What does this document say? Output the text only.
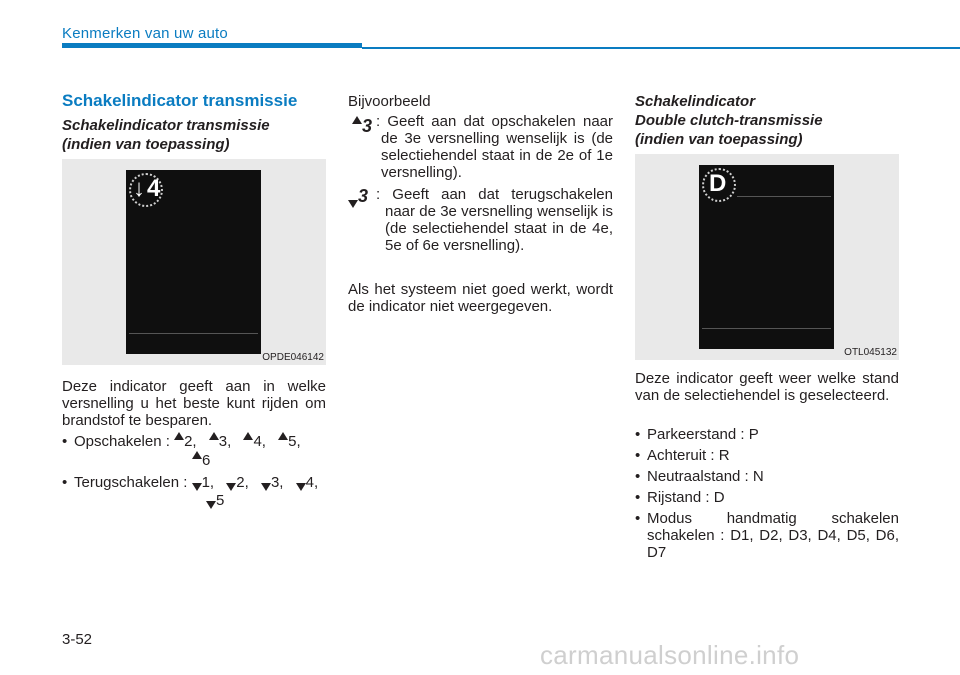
Kenmerken van uw auto
Schakelindicator transmissie
Schakelindicator transmissie
(indien van toepassing)
↓ 4
OPDE046142
Deze indicator geeft aan in welke versnelling u het beste kunt rijden om brandstof te besparen.
• Opschakelen : 2, 3, 4, 5,
6
• Terugschakelen : 1, 2, 3, 4,
5
Bijvoorbeeld
3 : Geeft aan dat opschakelen naar de 3e versnelling wenselijk is (de selectiehendel staat in de 2e of 1e versnelling).
3 : Geeft aan dat terugschakelen naar de 3e versnelling wenselijk is (de selectiehendel staat in de 4e, 5e of 6e versnelling).
Als het systeem niet goed werkt, wordt de indicator niet weergegeven.
Schakelindicator
Double clutch-transmissie
(indien van toepassing)
D
OTL045132
Deze indicator geeft weer welke stand van de selectiehendel is geselecteerd.
• Parkeerstand : P
• Achteruit : R
• Neutraalstand : N
• Rijstand : D
• Modus handmatig schakelen schakelen : D1, D2, D3, D4, D5, D6, D7
3-52
carmanualsonline.info
